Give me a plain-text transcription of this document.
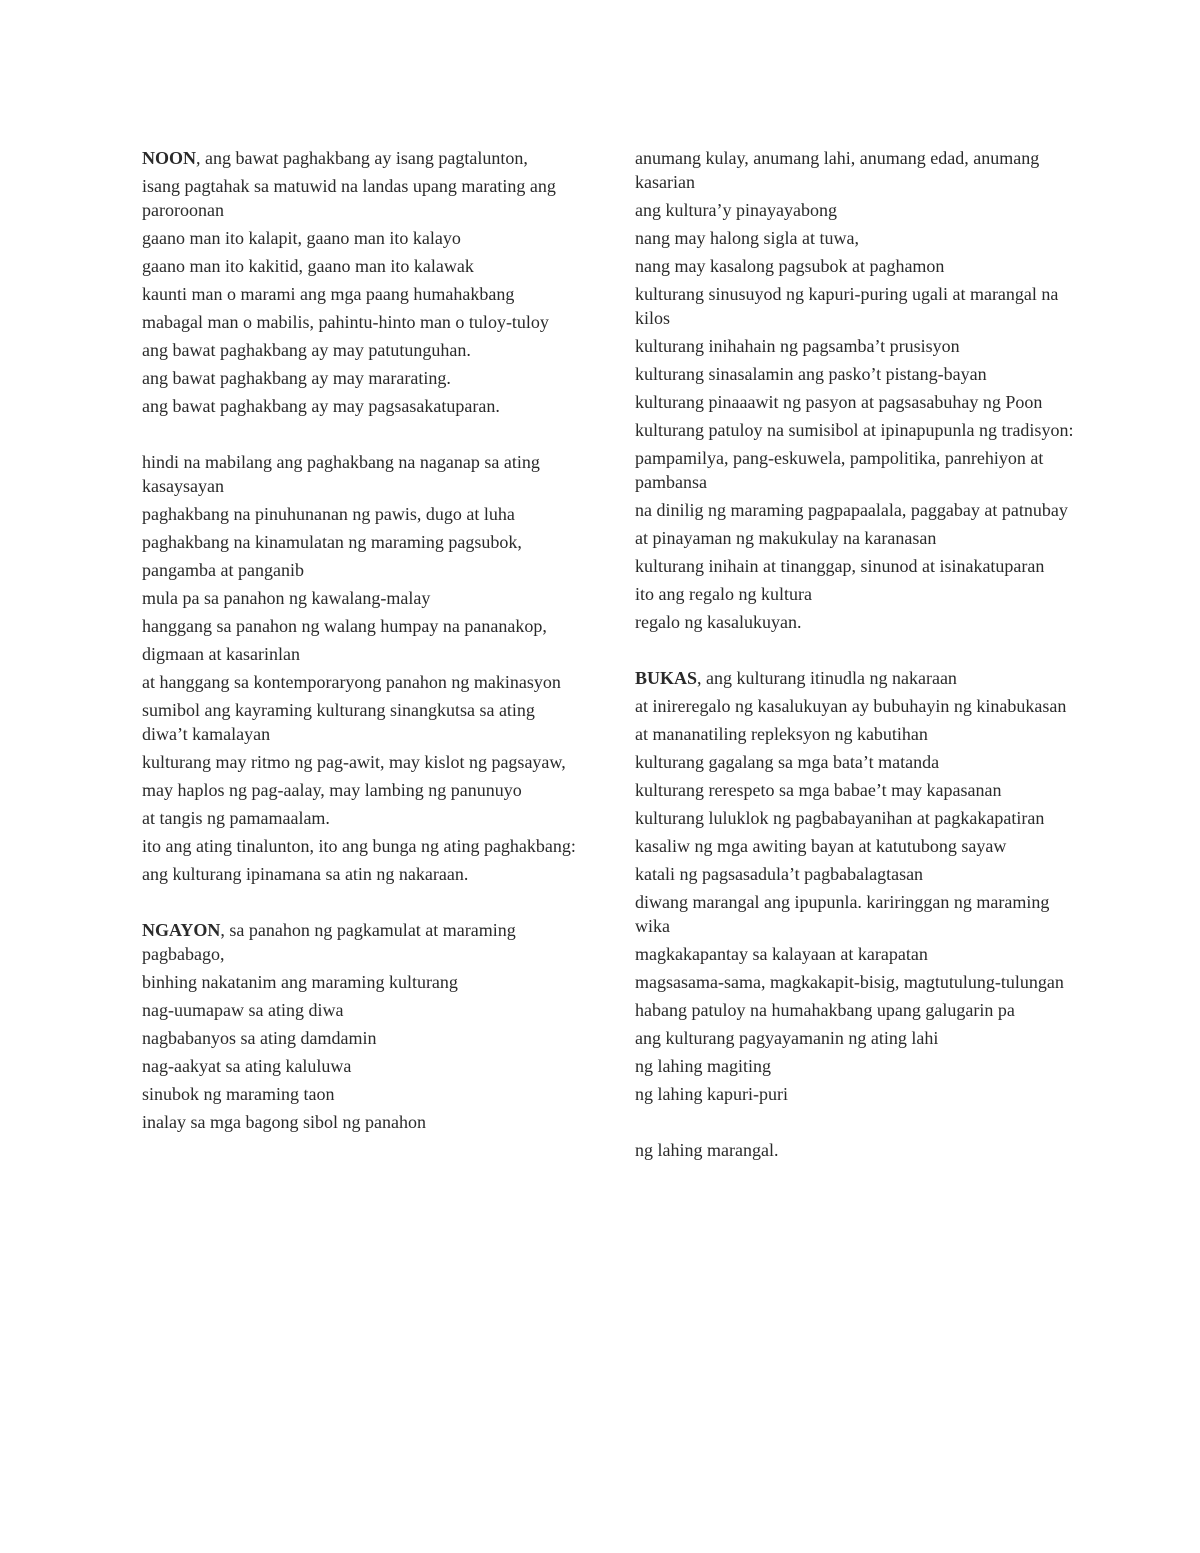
NOON, ang bawat paghakbang ay isang pagtalunton,

isang pagtahak sa matuwid na landas upang marating ang paroroonan

gaano man ito kalapit, gaano man ito kalayo

gaano man ito kakitid, gaano man ito kalawak

kaunti man o marami ang mga paang humahakbang

mabagal man o mabilis, pahintu-hinto man o tuloy-tuloy

ang bawat paghakbang ay may patutunguhan.

ang bawat paghakbang ay may mararating.

ang bawat paghakbang ay may pagsasakatuparan.

hindi na mabilang ang paghakbang na naganap sa ating kasaysayan

paghakbang na pinuhunanan ng pawis, dugo at luha

paghakbang na kinamulatan ng maraming pagsubok,

pangamba at panganib

mula pa sa panahon ng kawalang-malay

hanggang sa panahon ng walang humpay na pananakop,

digmaan at kasarinlan

at hanggang sa kontemporaryong panahon ng makinasyon

sumibol ang kayraming kulturang sinangkutsa sa ating diwa’t kamalayan

kulturang may ritmo ng pag-awit, may kislot ng pagsayaw,

may haplos ng pag-aalay, may lambing ng panunuyo

at tangis ng pamamaalam.

ito ang ating tinalunton, ito ang bunga ng ating paghakbang:

ang kulturang ipinamana sa atin ng nakaraan.

NGAYON, sa panahon ng pagkamulat at maraming pagbabago,

binhing nakatanim ang maraming kulturang

nag-uumapaw sa ating diwa

nagbabanyos sa ating damdamin

nag-aakyat sa ating kaluluwa

sinubok ng maraming taon

inalay sa mga bagong sibol ng panahon

anumang kulay, anumang lahi, anumang edad, anumang kasarian

ang kultura’y pinayayabong

nang may halong sigla at tuwa,

nang may kasalong pagsubok at paghamon

kulturang sinusuyod ng kapuri-puring ugali at marangal na kilos

kulturang inihahain ng pagsamba’t prusisyon

kulturang sinasalamin ang pasko’t pistang-bayan

kulturang pinaaawit ng pasyon at pagsasabuhay ng Poon

kulturang patuloy na sumisibol at ipinapupunla ng tradisyon:

pampamilya, pang-eskuwela, pampolitika, panrehiyon at pambansa

na dinilig ng maraming pagpapaalala, paggabay at patnubay

at pinayaman ng makukulay na karanasan

kulturang inihain at tinanggap, sinunod at isinakatuparan

ito ang regalo ng kultura

regalo ng kasalukuyan.

BUKAS, ang kulturang itinudla ng nakaraan

at inireregalo ng kasalukuyan ay bubuhayin ng kinabukasan

at mananatiling repleksyon ng kabutihan

kulturang gagalang sa mga bata’t matanda

kulturang rerespeto sa mga babae’t may kapasanan

kulturang luluklok ng pagbabayanihan at pagkakapatiran

kasaliw ng mga awiting bayan at katutubong sayaw

katali ng pagsasadula’t pagbabalagtasan

diwang marangal ang ipupunla. kariringgan ng maraming wika

magkakapantay sa kalayaan at karapatan

magsasama-sama, magkakapit-bisig, magtutulung-tulungan

habang patuloy na humahakbang upang galugarin pa

ang kulturang pagyayamanin ng ating lahi

ng lahing magiting

ng lahing kapuri-puri

ng lahing marangal.
